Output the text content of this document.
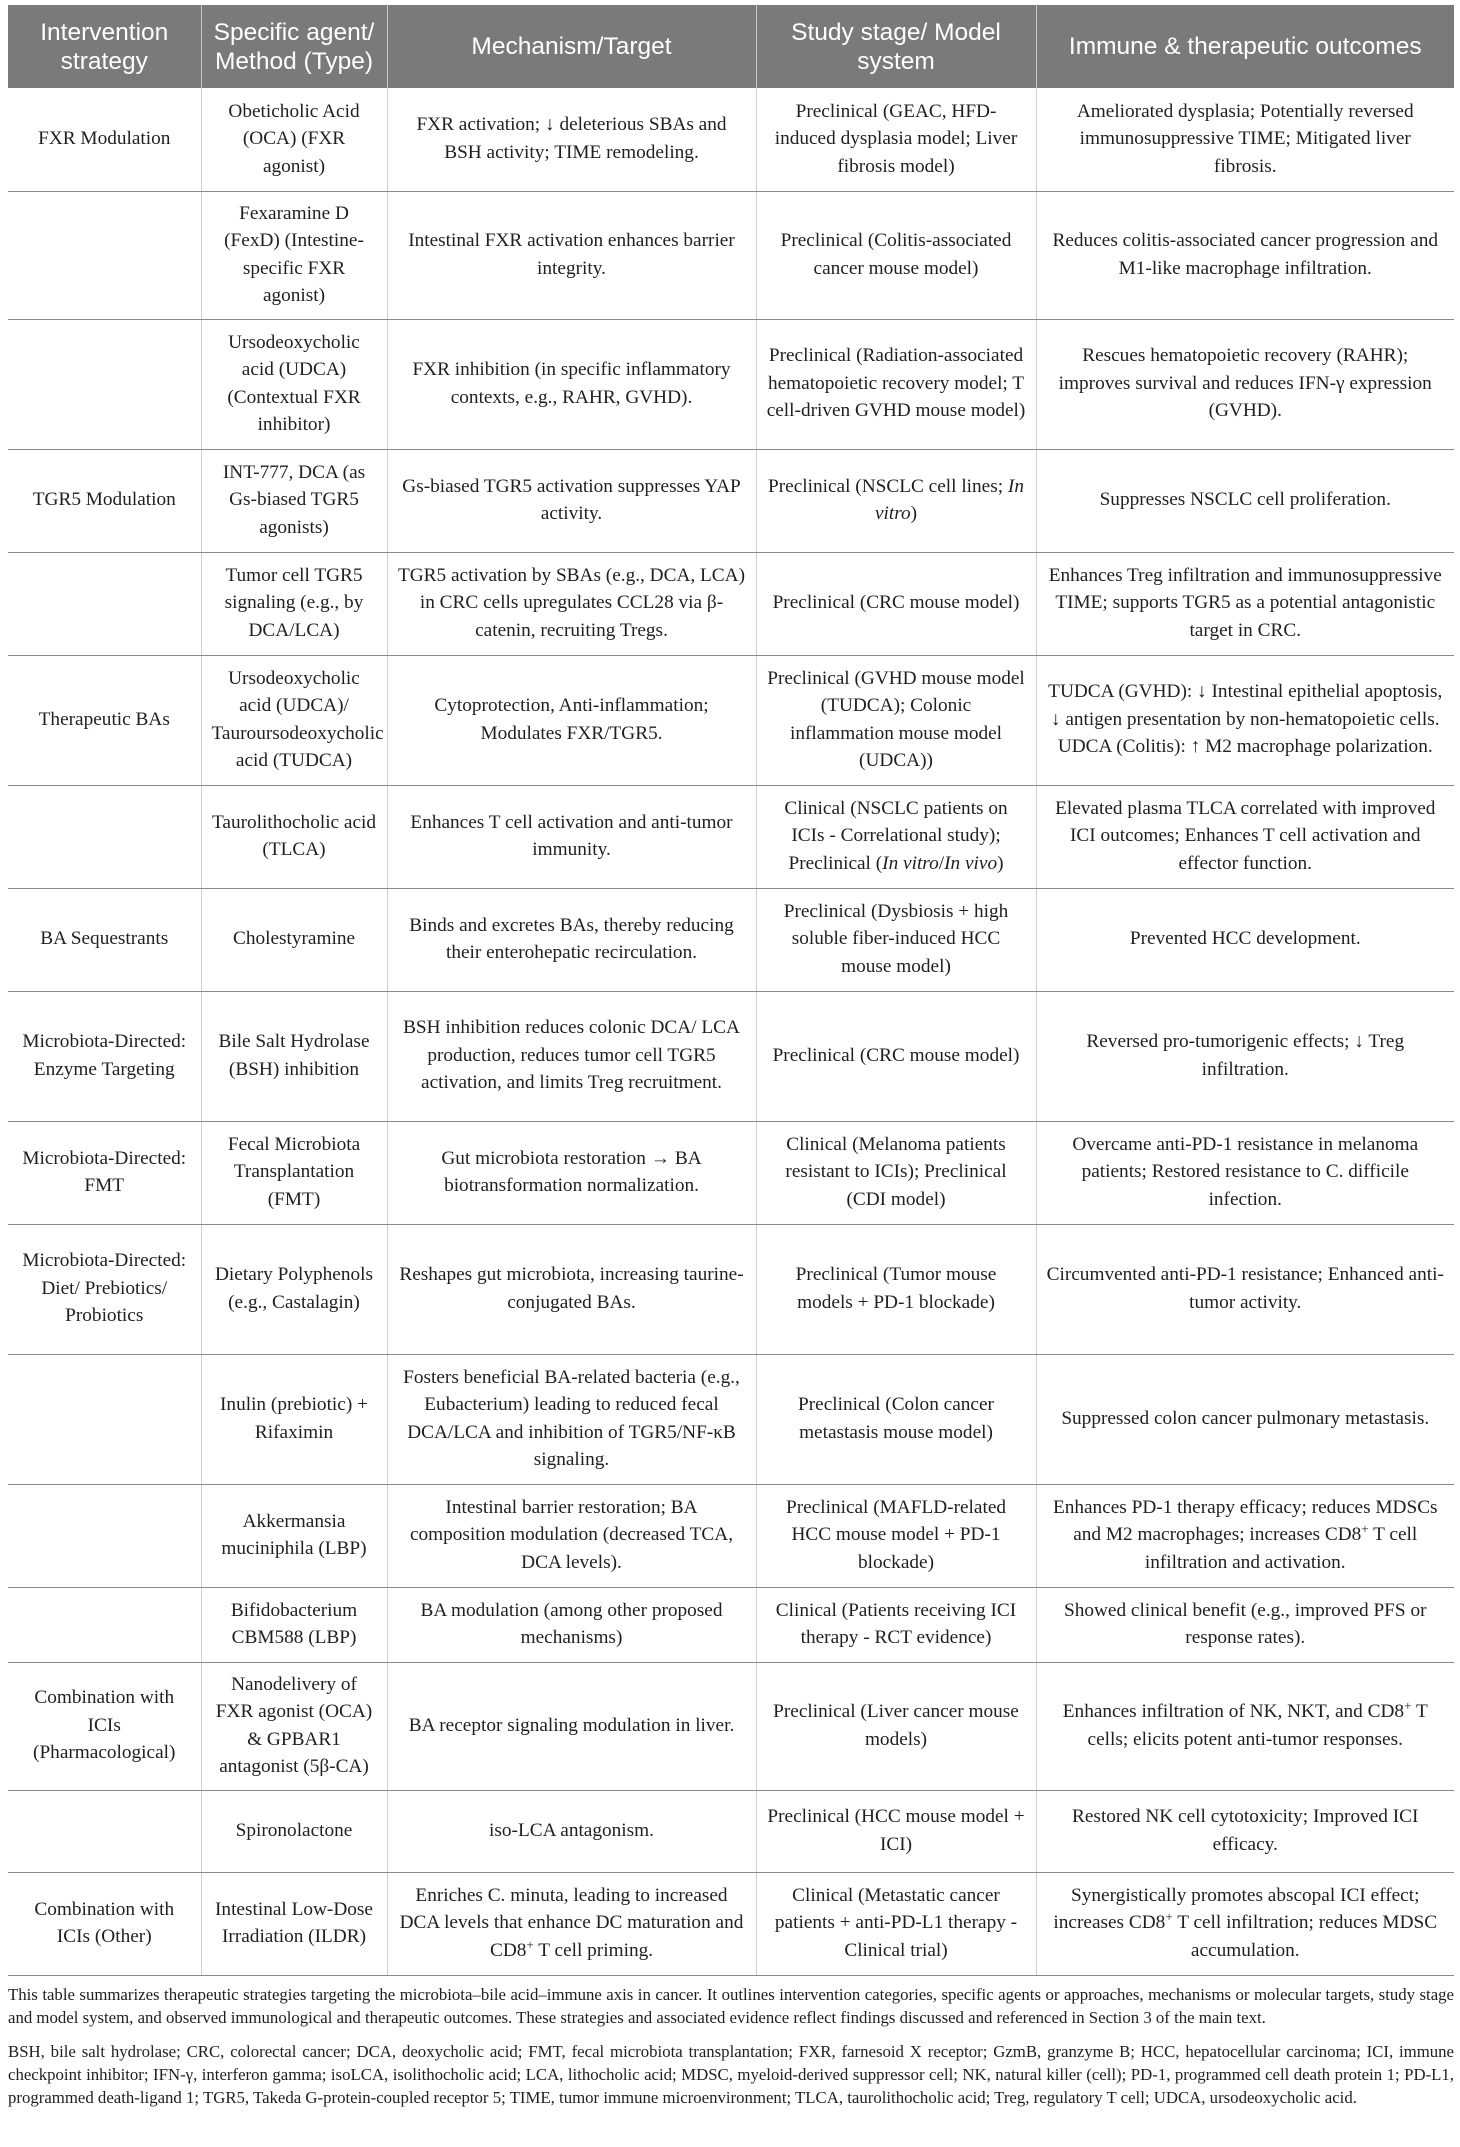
Intervention strategy	Specific agent/ Method (Type)	Mechanism/Target	Study stage/ Model system	Immune & therapeutic outcomes
FXR Modulation	Obeticholic Acid (OCA) (FXR agonist)	FXR activation; ↓ deleterious SBAs and BSH activity; TIME remodeling.	Preclinical (GEAC, HFD-induced dysplasia model; Liver fibrosis model)	Ameliorated dysplasia; Potentially reversed immunosuppressive TIME; Mitigated liver fibrosis.
	Fexaramine D (FexD) (Intestine-specific FXR agonist)	Intestinal FXR activation enhances barrier integrity.	Preclinical (Colitis-associated cancer mouse model)	Reduces colitis-associated cancer progression and M1-like macrophage infiltration.
	Ursodeoxycholic acid (UDCA) (Contextual FXR inhibitor)	FXR inhibition (in specific inflammatory contexts, e.g., RAHR, GVHD).	Preclinical (Radiation-associated hematopoietic recovery model; T cell-driven GVHD mouse model)	Rescues hematopoietic recovery (RAHR); improves survival and reduces IFN-γ expression (GVHD).
TGR5 Modulation	INT-777, DCA (as Gs-biased TGR5 agonists)	Gs-biased TGR5 activation suppresses YAP activity.	Preclinical (NSCLC cell lines; In vitro)	Suppresses NSCLC cell proliferation.
	Tumor cell TGR5 signaling (e.g., by DCA/LCA)	TGR5 activation by SBAs (e.g., DCA, LCA) in CRC cells upregulates CCL28 via β-catenin, recruiting Tregs.	Preclinical (CRC mouse model)	Enhances Treg infiltration and immunosuppressive TIME; supports TGR5 as a potential antagonistic target in CRC.
Therapeutic BAs	Ursodeoxycholic acid (UDCA)/ Tauroursodeoxycholic acid (TUDCA)	Cytoprotection, Anti-inflammation; Modulates FXR/TGR5.	Preclinical (GVHD mouse model (TUDCA); Colonic inflammation mouse model (UDCA))	TUDCA (GVHD): ↓ Intestinal epithelial apoptosis, ↓ antigen presentation by non-hematopoietic cells. UDCA (Colitis): ↑ M2 macrophage polarization.
	Taurolithocholic acid (TLCA)	Enhances T cell activation and anti-tumor immunity.	Clinical (NSCLC patients on ICIs - Correlational study); Preclinical (In vitro/In vivo)	Elevated plasma TLCA correlated with improved ICI outcomes; Enhances T cell activation and effector function.
BA Sequestrants	Cholestyramine	Binds and excretes BAs, thereby reducing their enterohepatic recirculation.	Preclinical (Dysbiosis + high soluble fiber-induced HCC mouse model)	Prevented HCC development.
Microbiota-Directed: Enzyme Targeting	Bile Salt Hydrolase (BSH) inhibition	BSH inhibition reduces colonic DCA/ LCA production, reduces tumor cell TGR5 activation, and limits Treg recruitment.	Preclinical (CRC mouse model)	Reversed pro-tumorigenic effects; ↓ Treg infiltration.
Microbiota-Directed: FMT	Fecal Microbiota Transplantation (FMT)	Gut microbiota restoration → BA biotransformation normalization.	Clinical (Melanoma patients resistant to ICIs); Preclinical (CDI model)	Overcame anti-PD-1 resistance in melanoma patients; Restored resistance to C. difficile infection.
Microbiota-Directed: Diet/ Prebiotics/ Probiotics	Dietary Polyphenols (e.g., Castalagin)	Reshapes gut microbiota, increasing taurine-conjugated BAs.	Preclinical (Tumor mouse models + PD-1 blockade)	Circumvented anti-PD-1 resistance; Enhanced anti-tumor activity.
	Inulin (prebiotic) + Rifaximin	Fosters beneficial BA-related bacteria (e.g., Eubacterium) leading to reduced fecal DCA/LCA and inhibition of TGR5/NF-κB signaling.	Preclinical (Colon cancer metastasis mouse model)	Suppressed colon cancer pulmonary metastasis.
	Akkermansia muciniphila (LBP)	Intestinal barrier restoration; BA composition modulation (decreased TCA, DCA levels).	Preclinical (MAFLD-related HCC mouse model + PD-1 blockade)	Enhances PD-1 therapy efficacy; reduces MDSCs and M2 macrophages; increases CD8+ T cell infiltration and activation.
	Bifidobacterium CBM588 (LBP)	BA modulation (among other proposed mechanisms)	Clinical (Patients receiving ICI therapy - RCT evidence)	Showed clinical benefit (e.g., improved PFS or response rates).
Combination with ICIs (Pharmacological)	Nanodelivery of FXR agonist (OCA) & GPBAR1 antagonist (5β-CA)	BA receptor signaling modulation in liver.	Preclinical (Liver cancer mouse models)	Enhances infiltration of NK, NKT, and CD8+ T cells; elicits potent anti-tumor responses.
	Spironolactone	iso-LCA antagonism.	Preclinical (HCC mouse model + ICI)	Restored NK cell cytotoxicity; Improved ICI efficacy.
Combination with ICIs (Other)	Intestinal Low-Dose Irradiation (ILDR)	Enriches C. minuta, leading to increased DCA levels that enhance DC maturation and CD8+ T cell priming.	Clinical (Metastatic cancer patients + anti-PD-L1 therapy - Clinical trial)	Synergistically promotes abscopal ICI effect; increases CD8+ T cell infiltration; reduces MDSC accumulation.

This table summarizes therapeutic strategies targeting the microbiota–bile acid–immune axis in cancer. It outlines intervention categories, specific agents or approaches, mechanisms or molecular targets, study stage and model system, and observed immunological and therapeutic outcomes. These strategies and associated evidence reflect findings discussed and referenced in Section 3 of the main text.

BSH, bile salt hydrolase; CRC, colorectal cancer; DCA, deoxycholic acid; FMT, fecal microbiota transplantation; FXR, farnesoid X receptor; GzmB, granzyme B; HCC, hepatocellular carcinoma; ICI, immune checkpoint inhibitor; IFN-γ, interferon gamma; isoLCA, isolithocholic acid; LCA, lithocholic acid; MDSC, myeloid-derived suppressor cell; NK, natural killer (cell); PD-1, programmed cell death protein 1; PD-L1, programmed death-ligand 1; TGR5, Takeda G-protein-coupled receptor 5; TIME, tumor immune microenvironment; TLCA, taurolithocholic acid; Treg, regulatory T cell; UDCA, ursodeoxycholic acid.
